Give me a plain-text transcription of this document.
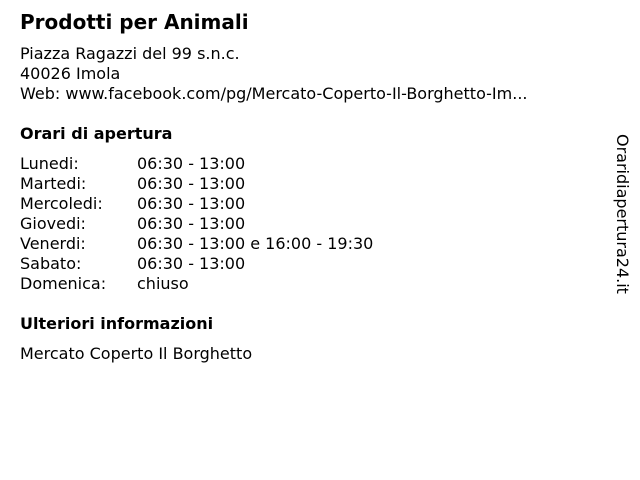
Prodotti per Animali
Piazza Ragazzi del 99 s.n.c.
40026 Imola
Web: www.facebook.com/pg/Mercato-Coperto-Il-Borghetto-Im...
Orari di apertura
Lunedi:	06:30 - 13:00
Martedi:	06:30 - 13:00
Mercoledi: 06:30 - 13:00
Giovedi:	06:30 - 13:00
Venerdi:	06:30 - 13:00 e 16:00 - 19:30
Sabato:	06:30 - 13:00
Domenica: chiuso
Ulteriori informazioni
Mercato Coperto Il Borghetto
Oraridiapertura24.it
